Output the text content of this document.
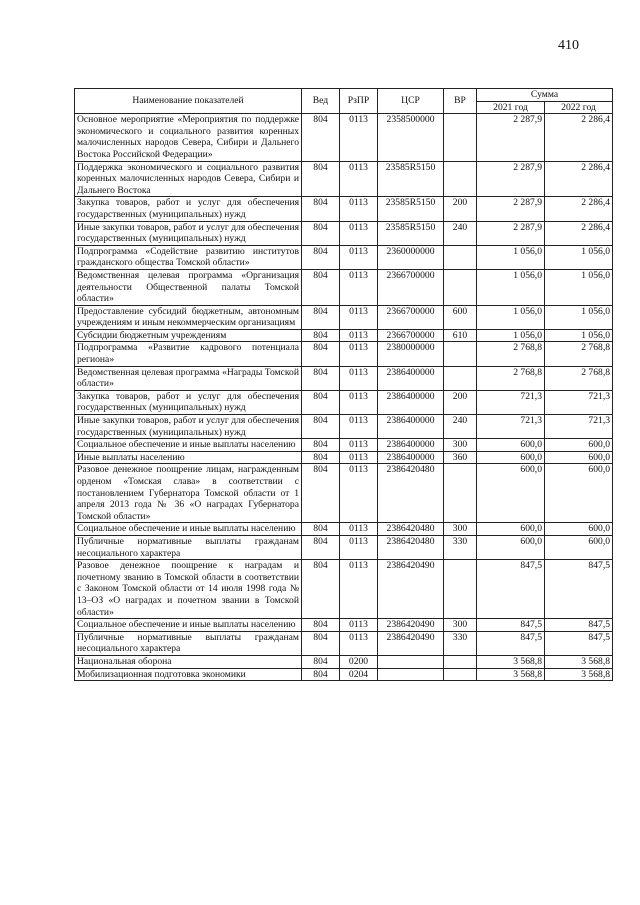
410
Наименование показателей	Вед	РзПР	ЦСР	ВР	Сумма	
					2021 год	2022 год
Основное мероприятие «Мероприятия по поддержке экономического и социального развития коренных малочисленных народов Севера, Сибири и Дальнего Востока Российской Федерации»	804	0113	2358500000		2 287,9	2 286,4
Поддержка экономического и социального развития коренных малочисленных народов Севера, Сибири и Дальнего Востока	804	0113	23585R5150		2 287,9	2 286,4
Закупка товаров, работ и услуг для обеспечения государственных (муниципальных) нужд	804	0113	23585R5150	200	2 287,9	2 286,4
Иные закупки товаров, работ и услуг для обеспечения государственных (муниципальных) нужд	804	0113	23585R5150	240	2 287,9	2 286,4
Подпрограмма «Содействие развитию институтов гражданского общества Томской области»	804	0113	2360000000		1 056,0	1 056,0
Ведомственная целевая программа «Организация деятельности Общественной палаты Томской области»	804	0113	2366700000		1 056,0	1 056,0
Предоставление субсидий бюджетным, автономным учреждениям и иным некоммерческим организациям	804	0113	2366700000	600	1 056,0	1 056,0
Субсидии бюджетным учреждениям	804	0113	2366700000	610	1 056,0	1 056,0
Подпрограмма «Развитие кадрового потенциала региона»	804	0113	2380000000		2 768,8	2 768,8
Ведомственная целевая программа «Награды Томской области»	804	0113	2386400000		2 768,8	2 768,8
Закупка товаров, работ и услуг для обеспечения государственных (муниципальных) нужд	804	0113	2386400000	200	721,3	721,3
Иные закупки товаров, работ и услуг для обеспечения государственных (муниципальных) нужд	804	0113	2386400000	240	721,3	721,3
Социальное обеспечение и иные выплаты населению	804	0113	2386400000	300	600,0	600,0
Иные выплаты населению	804	0113	2386400000	360	600,0	600,0
Разовое денежное поощрение лицам, награжденным орденом «Томская слава» в соответствии с постановлением Губернатора Томской области от 1 апреля 2013 года № 36 «О наградах Губернатора Томской области»	804	0113	2386420480		600,0	600,0
Социальное обеспечение и иные выплаты населению	804	0113	2386420480	300	600,0	600,0
Публичные нормативные выплаты гражданам несоциального характера	804	0113	2386420480	330	600,0	600,0
Разовое денежное поощрение к наградам и почетному званию в Томской области в соответствии с Законом Томской области от 14 июля 1998 года № 13–ОЗ «О наградах и почетном звании в Томской области»	804	0113	2386420490		847,5	847,5
Социальное обеспечение и иные выплаты населению	804	0113	2386420490	300	847,5	847,5
Публичные нормативные выплаты гражданам несоциального характера	804	0113	2386420490	330	847,5	847,5
Национальная оборона	804	0200			3 568,8	3 568,8
Мобилизационная подготовка экономики	804	0204			3 568,8	3 568,8
